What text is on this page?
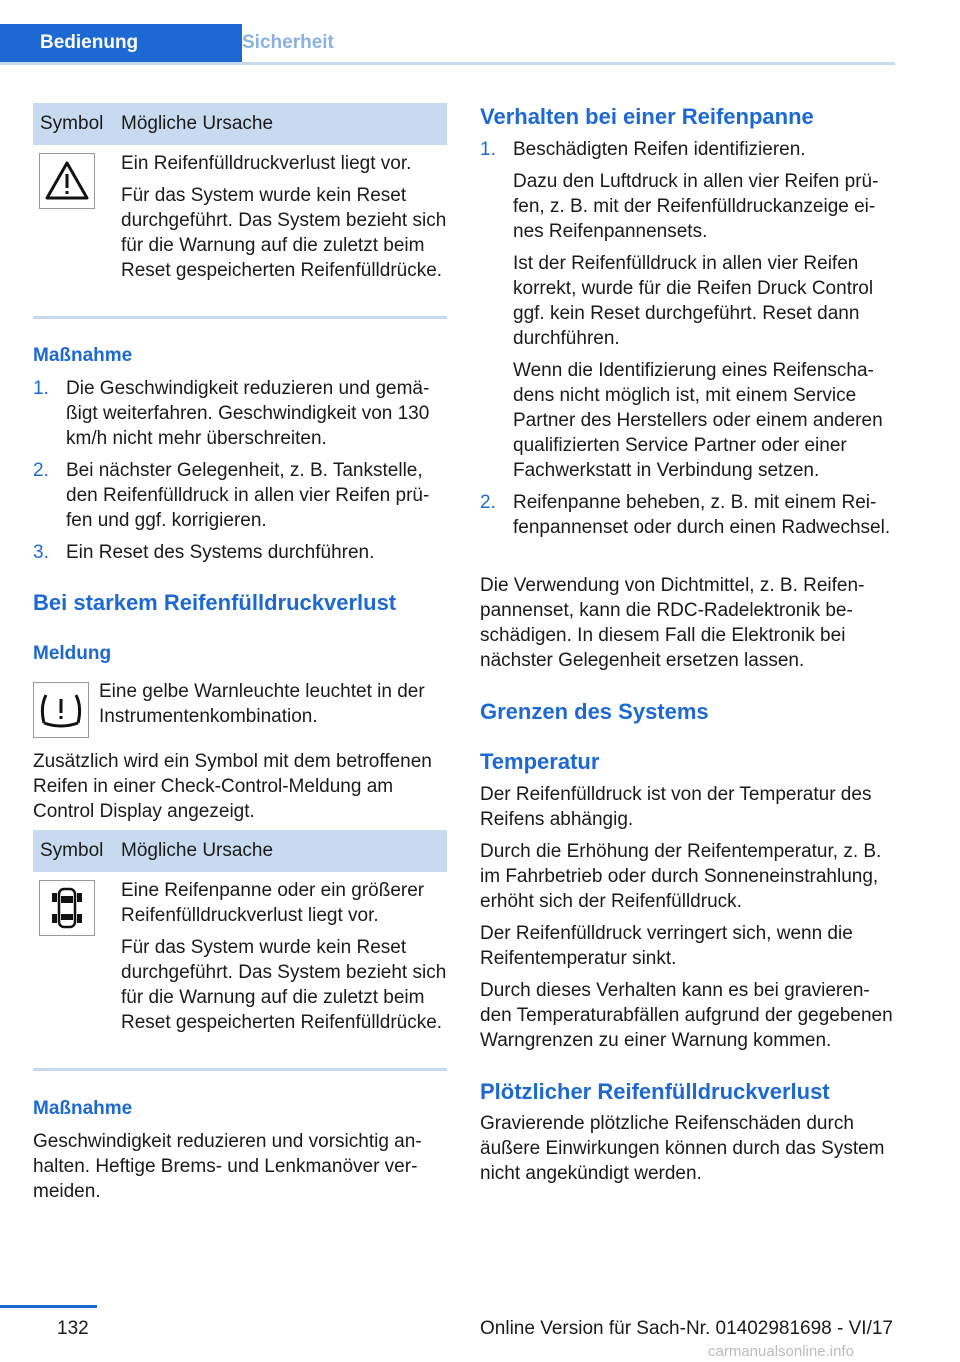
Bedienung	Sicherheit
Symbol Mögliche Ursache

Ein Reifenfülldruckverlust liegt vor.

Für das System wurde kein Reset durchgeführt. Das System bezieht sich für die Warnung auf die zuletzt beim Reset gespeicherten Reifenfülldrücke.

Maßnahme

1. Die Geschwindigkeit reduzieren und gemäßigt weiterfahren. Geschwindigkeit von 130 km/h nicht mehr überschreiten.
2. Bei nächster Gelegenheit, z. B. Tankstelle, den Reifenfülldruck in allen vier Reifen prüfen und ggf. korrigieren.
3. Ein Reset des Systems durchführen.

Bei starkem Reifenfülldruckverlust

Meldung

Eine gelbe Warnleuchte leuchtet in der Instrumentenkombination.

Zusätzlich wird ein Symbol mit dem betroffenen Reifen in einer Check-Control-Meldung am Control Display angezeigt.

Symbol Mögliche Ursache

Eine Reifenpanne oder ein größerer Reifenfülldruckverlust liegt vor.

Für das System wurde kein Reset durchgeführt. Das System bezieht sich für die Warnung auf die zuletzt beim Reset gespeicherten Reifenfülldrücke.

Maßnahme

Geschwindigkeit reduzieren und vorsichtig anhalten. Heftige Brems- und Lenkmanöver vermeiden.

Verhalten bei einer Reifenpanne

1. Beschädigten Reifen identifizieren.

Dazu den Luftdruck in allen vier Reifen prüfen, z. B. mit der Reifenfülldruckanzeige eines Reifenpannensets.

Ist der Reifenfülldruck in allen vier Reifen korrekt, wurde für die Reifen Druck Control ggf. kein Reset durchgeführt. Reset dann durchführen.

Wenn die Identifizierung eines Reifenschadens nicht möglich ist, mit einem Service Partner des Herstellers oder einem anderen qualifizierten Service Partner oder einer Fachwerkstatt in Verbindung setzen.

2. Reifenpanne beheben, z. B. mit einem Reifenpannenset oder durch einen Radwechsel.

Die Verwendung von Dichtmittel, z. B. Reifenpannenset, kann die RDC-Radelektronik beschädigen. In diesem Fall die Elektronik bei nächster Gelegenheit ersetzen lassen.

Grenzen des Systems

Temperatur

Der Reifenfülldruck ist von der Temperatur des Reifens abhängig.

Durch die Erhöhung der Reifentemperatur, z. B. im Fahrbetrieb oder durch Sonneneinstrahlung, erhöht sich der Reifenfülldruck.

Der Reifenfülldruck verringert sich, wenn die Reifentemperatur sinkt.

Durch dieses Verhalten kann es bei gravierenden Temperaturabfällen aufgrund der gegebenen Warngrenzen zu einer Warnung kommen.

Plötzlicher Reifenfülldruckverlust

Gravierende plötzliche Reifenschäden durch äußere Einwirkungen können durch das System nicht angekündigt werden.

132	Online Version für Sach-Nr. 01402981698 - VI/17
carmanualsonline.info
